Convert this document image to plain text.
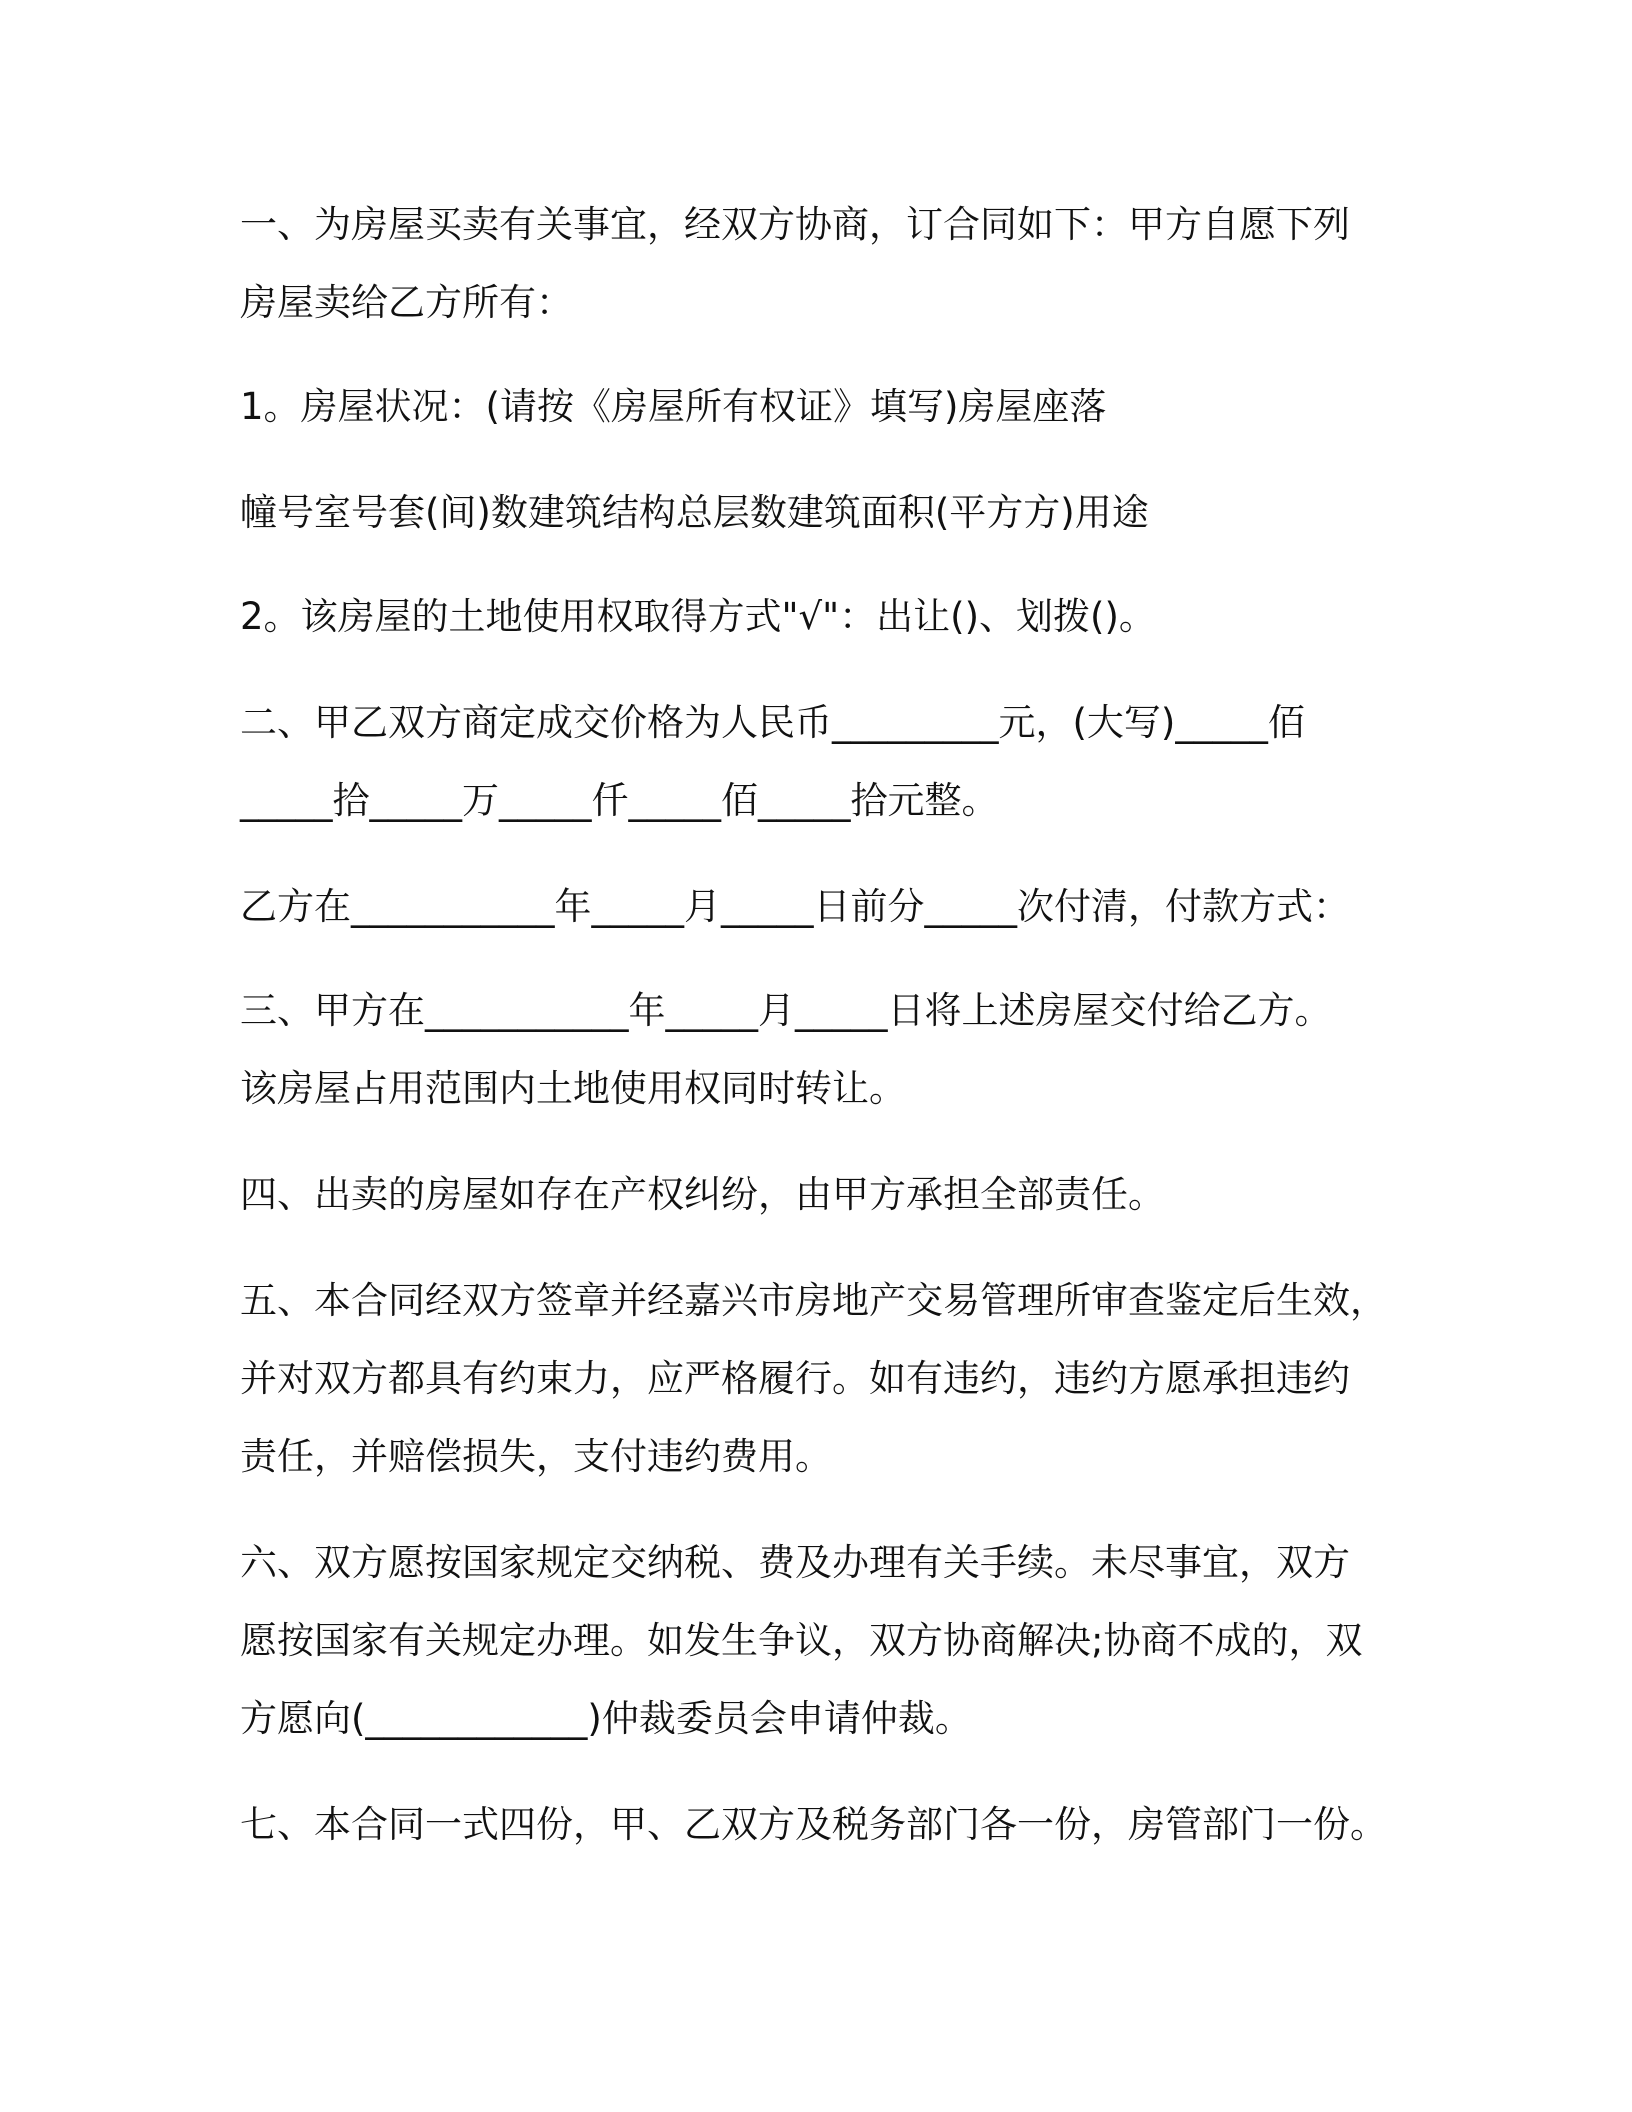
一、为房屋买卖有关事宜，经双方协商，订合同如下：甲方自愿下列
房屋卖给乙方所有：

1。房屋状况：(请按《房屋所有权证》填写)房屋座落

幢号室号套(间)数建筑结构总层数建筑面积(平方方)用途

2。该房屋的土地使用权取得方式"√"：出让()、划拨()。

二、甲乙双方商定成交价格为人民币_________元，(大写)_____佰
_____拾_____万_____仟_____佰_____拾元整。

乙方在___________年_____月_____日前分_____次付清，付款方式：

三、甲方在___________年_____月_____日将上述房屋交付给乙方。
该房屋占用范围内土地使用权同时转让。

四、出卖的房屋如存在产权纠纷，由甲方承担全部责任。

五、本合同经双方签章并经嘉兴市房地产交易管理所审查鉴定后生效，
并对双方都具有约束力，应严格履行。如有违约，违约方愿承担违约
责任，并赔偿损失，支付违约费用。

六、双方愿按国家规定交纳税、费及办理有关手续。未尽事宜，双方
愿按国家有关规定办理。如发生争议，双方协商解决;协商不成的，双
方愿向(____________)仲裁委员会申请仲裁。

七、本合同一式四份，甲、乙双方及税务部门各一份，房管部门一份。
